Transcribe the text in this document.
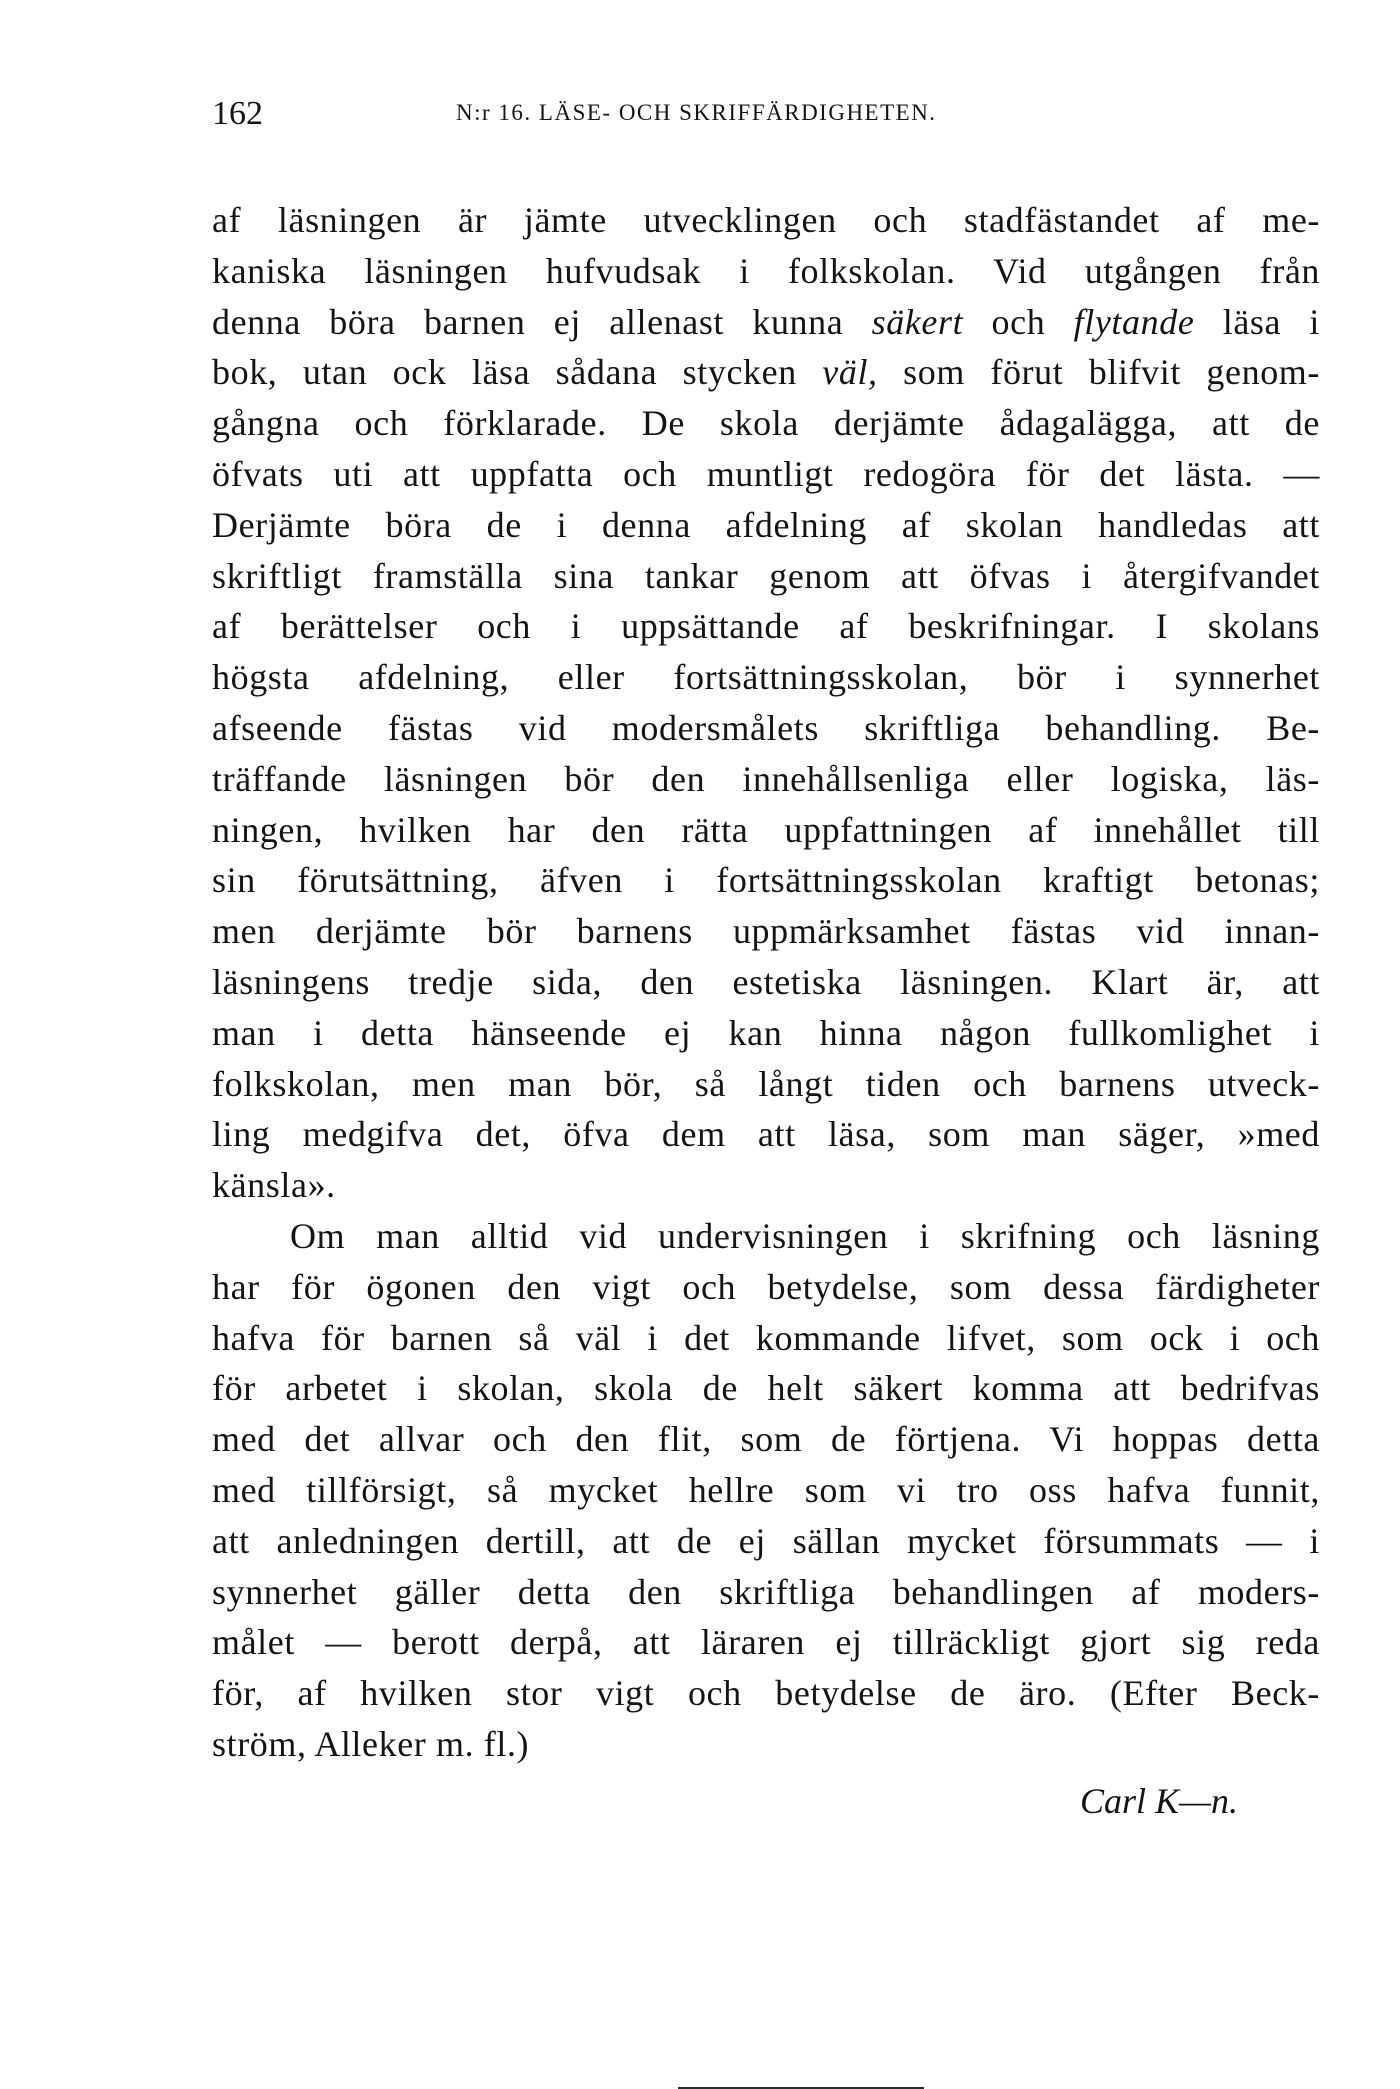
162	N:r 16. LÄSE- OCH SKRIFFÄRDIGHETEN.
af läsningen är jämte utvecklingen och stadfästandet af me-
kaniska läsningen hufvudsak i folkskolan. Vid utgången från
denna böra barnen ej allenast kunna säkert och flytande läsa i
bok, utan ock läsa sådana stycken väl, som förut blifvit genom-
gångna och förklarade. De skola derjämte ådagalägga, att de
öfvats uti att uppfatta och muntligt redogöra för det lästa. —
Derjämte böra de i denna afdelning af skolan handledas att
skriftligt framställa sina tankar genom att öfvas i återgifvandet
af berättelser och i uppsättande af beskrifningar. I skolans
högsta afdelning, eller fortsättningsskolan, bör i synnerhet
afseende fästas vid modersmålets skriftliga behandling. Be-
träffande läsningen bör den innehållsenliga eller logiska, läs-
ningen, hvilken har den rätta uppfattningen af innehållet till
sin förutsättning, äfven i fortsättningsskolan kraftigt betonas;
men derjämte bör barnens uppmärksamhet fästas vid innan-
läsningens tredje sida, den estetiska läsningen. Klart är, att
man i detta hänseende ej kan hinna någon fullkomlighet i
folkskolan, men man bör, så långt tiden och barnens utveck-
ling medgifva det, öfva dem att läsa, som man säger, »med
känsla».
Om man alltid vid undervisningen i skrifning och läsning
har för ögonen den vigt och betydelse, som dessa färdigheter
hafva för barnen så väl i det kommande lifvet, som ock i och
för arbetet i skolan, skola de helt säkert komma att bedrifvas
med det allvar och den flit, som de förtjena. Vi hoppas detta
med tillförsigt, så mycket hellre som vi tro oss hafva funnit,
att anledningen dertill, att de ej sällan mycket försummats — i
synnerhet gäller detta den skriftliga behandlingen af moders-
målet — berott derpå, att läraren ej tillräckligt gjort sig reda
för, af hvilken stor vigt och betydelse de äro. (Efter Beck-
ström, Alleker m. fl.)
Carl K—n.
